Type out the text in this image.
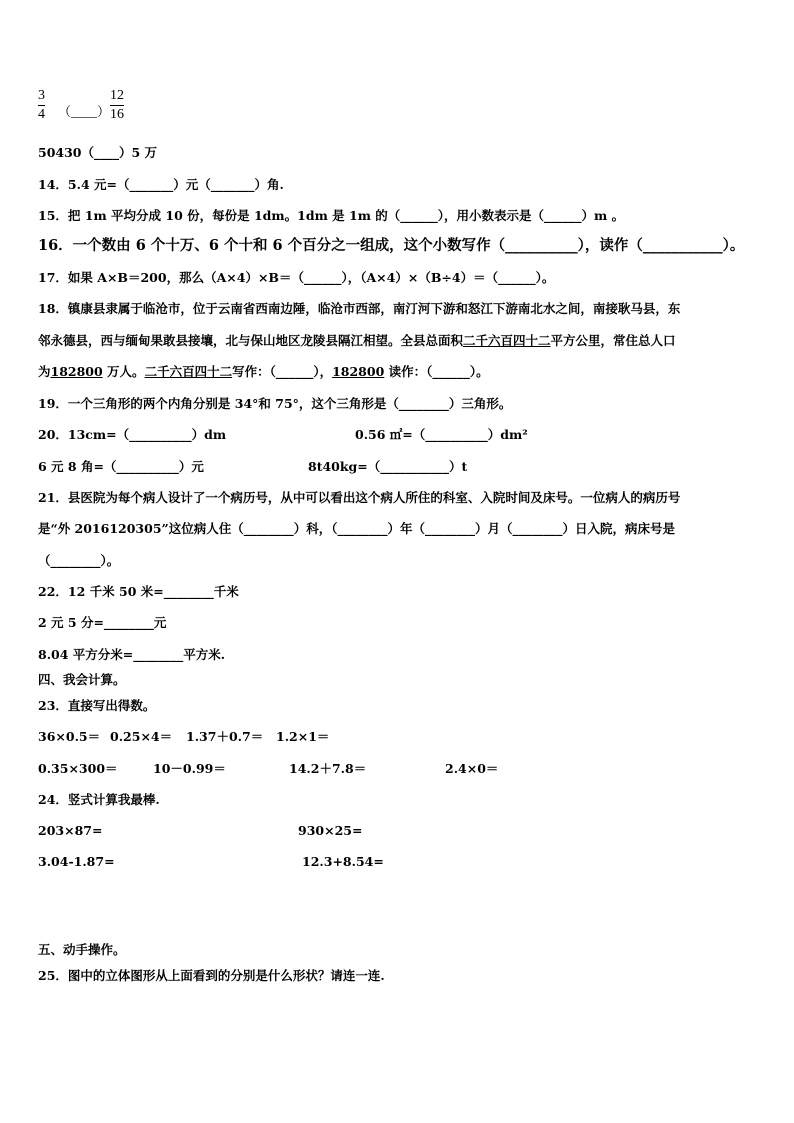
3
4 （____）
12
16
50430（____）5 万
14．5.4 元=（_______）元（_______）角.
15．把 1m 平均分成 10 份，每份是 1dm。1dm 是 1m 的（______），用小数表示是（______）m 。
16．一个数由 6 个十万、6 个十和 6 个百分之一组成，这个小数写作（__________），读作（___________）。
17．如果 A×B＝200，那么（A×4）×B＝（______），（A×4）×（B÷4）＝（______）。
18．镇康县隶属于临沧市，位于云南省西南边陲，临沧市西部，南汀河下游和怒江下游南北水之间，南接耿马县，东
邻永德县，西与缅甸果敢县接壤，北与保山地区龙陵县隔江相望。全县总面积二千六百四十二平方公里，常住总人口
为182800 万人。二千六百四十二写作：（______），182800 读作：（______）。
19．一个三角形的两个内角分别是 34°和 75°，这个三角形是（________）三角形。
20．13cm=（__________）dm	0.56 ㎡=（__________）dm²
6 元 8 角=（__________）元	8t40kg=（___________）t
21．县医院为每个病人设计了一个病历号，从中可以看出这个病人所住的科室、入院时间及床号。一位病人的病历号
是“外 2016120305”这位病人住（________）科，（________）年（________）月（________）日入院，病床号是
（________）。
22．12 千米 50 米=________千米
2 元 5 分=________元
8.04 平方分米=________平方米.
四、我会计算。
23．直接写出得数。
36×0.5＝ 0.25×4＝ 1.37＋0.7＝ 1.2×1＝
0.35×300＝	10－0.99＝	14.2＋7.8＝	2.4×0＝
24．竖式计算我最棒.
203×87=	930×25=
3.04-1.87=	12.3+8.54=
五、动手操作。
25．图中的立体图形从上面看到的分别是什么形状？请连一连.
